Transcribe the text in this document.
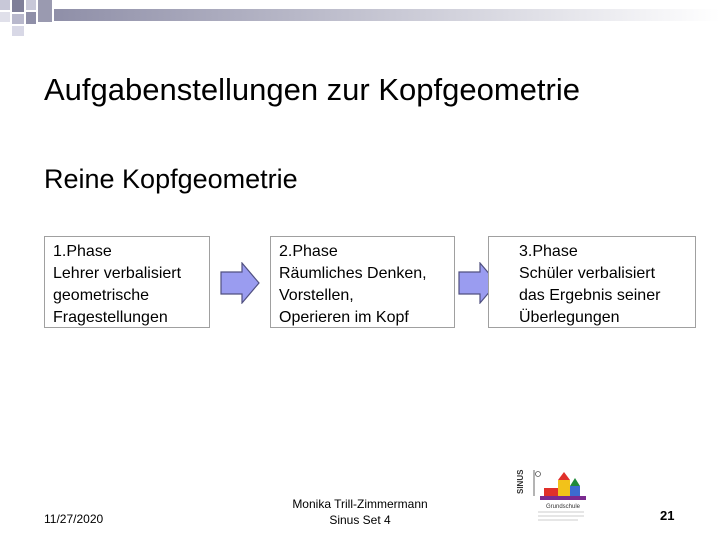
Aufgabenstellungen zur Kopfgeometrie
Reine Kopfgeometrie
1.Phase
Lehrer verbalisiert
geometrische
Fragestellungen
2.Phase
Räumliches Denken,
Vorstellen,
Operieren im Kopf
3.Phase
Schüler verbalisiert
das Ergebnis seiner
Überlegungen
11/27/2020
Monika Trill-Zimmermann
Sinus Set 4
SINUS
Grundschule
21
